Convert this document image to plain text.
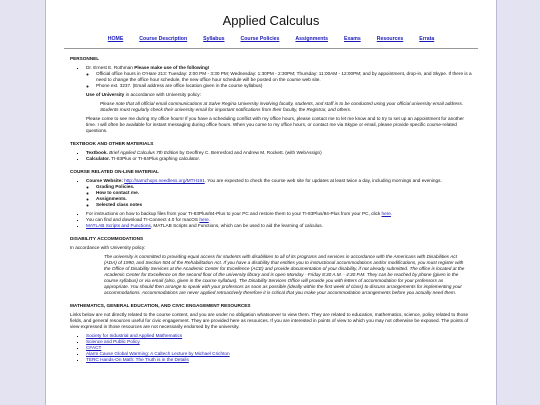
Applied Calculus
HOME	Course Description	Syllabus	Course Policies	Assignments	Exams	Resources	Errata
PERSONNEL
▪ Dr. Ernest E. Rothman Please make use of the following!
◦ Official office hours in O'Hare 213: Tuesday: 2:00 PM - 3:30 PM; Wednesday: 1:30PM - 2:30PM; Thursday: 11:00AM - 12:00PM; and by appointment, drop-in, and Skype. If there is a need to change the office hour schedule, the new office hour schedule will be posted on the course web site.
◦ Phone ext. 3237. (Email address are office location given in the course syllabus)

Use of University in accordance with University policy:

Please note that all official email communications at Salve Regina University involving faculty, students, and staff is to be conducted using your official university email address. Students must regularly check their university email for important notifications from their faculty, the Registrar, and others.

Please come to see me during my office hours! If you have a scheduling conflict with my office hours, please contact me to let me know and to try to set up an appointment for another time. I will often be available for instant messaging during office hours. When you come to my office hours, or contact me via Skype or email, please provide specific course-related questions.

TEXTBOOK AND OTHER MATERIALS
▪ Textbook. Brief Applied Calculus 7th Edition by Geoffrey C. Berresford and Andrew M. Rockett. (with WebAssign)
▪ Calculator. TI-83Plus or TI-84Plus graphing calculator.
COURSE RELATED ON-LINE MATERIAL
▪ Course Website: http://samchops.needless.org/MTH191. You are expected to check the course web site for updates at least twice a day, including mornings and evenings.
◦ Grading Policies.
◦ How to contact me.
◦ Assignments.
◦ Selected class notes
▪ For instructions on how to backup files from your TI-83Plus/84-Plus to your PC and restore them to your TI-83Plus/84-Plus from your PC, click here.
▪ You can find and download TI-Connect 4.0 for macOS here.
▪ MATLAB Scripts and Functions, MATLAB Scripts and Functions, which can be used to aid the learning of calculus.
DISABILITY ACCOMMODATIONS

In accordance with University policy:

The university is committed to providing equal access for students with disabilities to all of its programs and services in accordance with the Americans with Disabilities Act (ADA) of 1990, and Section 504 of the Rehabilitation Act. If you have a disability that entitles you to instructional accommodations and/or modifications, you must register with the Office of Disability Services at the Academic Center for Excellence (ACE) and provide documentation of your disability, if not already submitted. The office is located at the Academic Center for Excellence on the second floor of the university library and is open Monday - Friday 8:30 A.M. - 4:30 P.M. They can be reached by phone (given in the course syllabus) or via email (also, given in the course syllabus). The Disability Services Office will provide you with letters of accommodation for your professors as appropriate. You should then arrange to speak with your professors as soon as possible (ideally within the first week of class) to discuss arrangements for implementing your accommodations. Accommodations are never applied retroactively therefore it is critical that you make your accommodation arrangements before you actually need them.

MATHEMATICS, GENERAL EDUCATION, AND CIVIC ENGAGEMENT RESOURCES

Links below are not directly related to the course content, and you are under no obligation whatsoever to view them. They are related to education, mathematics, science, policy related to those fields, and general resources useful for civic engagement. They are provided here as resources. If you are interested in points of view to which you may not otherwise be exposed. The points of view expressed in those resources are not necessarily endorsed by the university.

▪ Society for Industrial and Applied Mathematics
▪ Science and Public Policy
▪ CFACT
▪ Alarm Cause Global Warming: A Caltech Lecture by Michael Crichton
▪ TERC Hands-On Math: The Truth is in the Details
